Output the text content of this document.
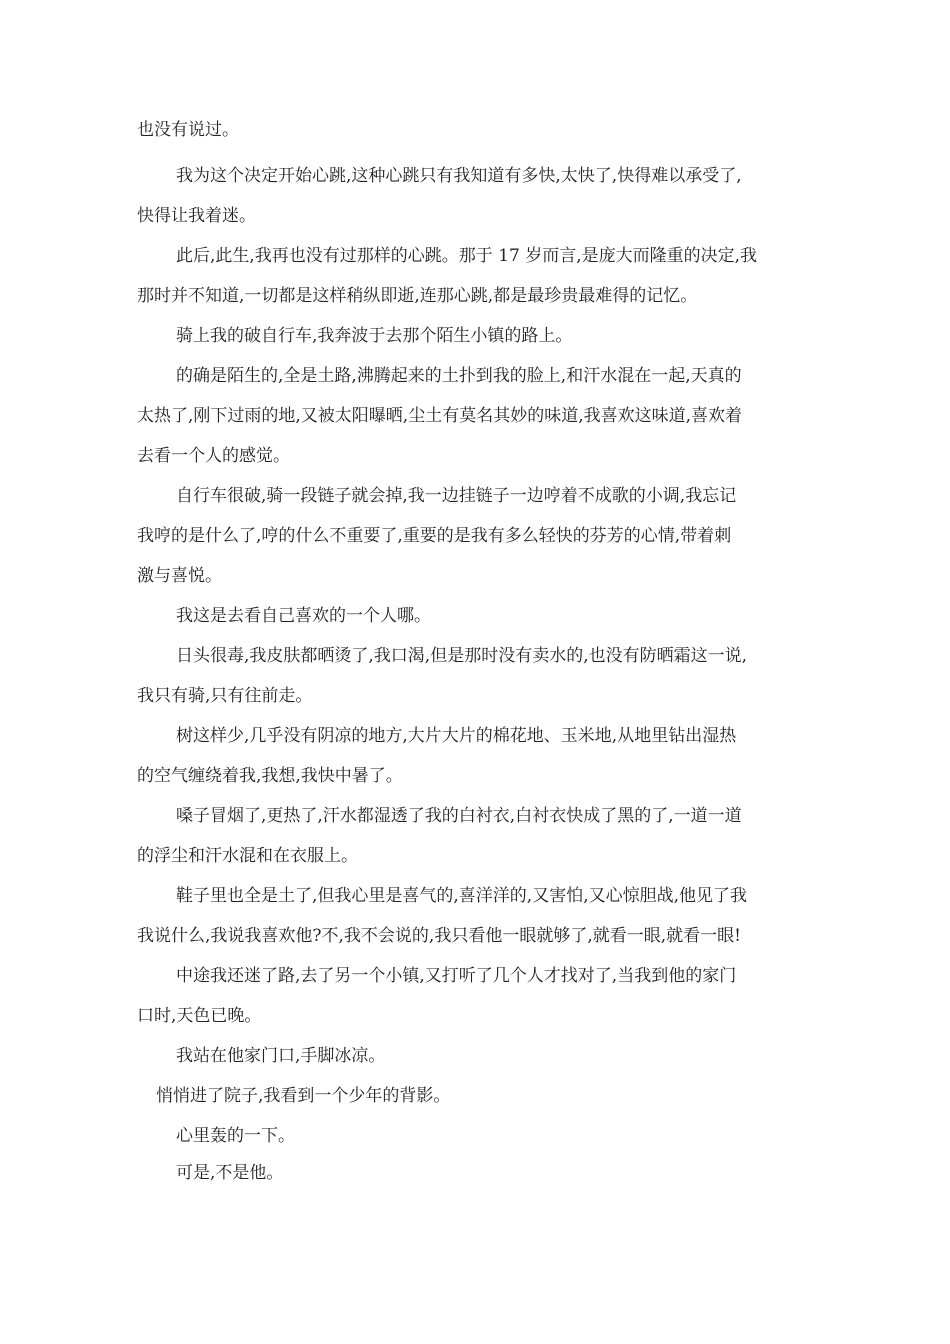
也没有说过。
我为这个决定开始心跳,这种心跳只有我知道有多快,太快了,快得难以承受了,
快得让我着迷。
此后,此生,我再也没有过那样的心跳。那于 17 岁而言,是庞大而隆重的决定,我
那时并不知道,一切都是这样稍纵即逝,连那心跳,都是最珍贵最难得的记忆。
骑上我的破自行车,我奔波于去那个陌生小镇的路上。
的确是陌生的,全是土路,沸腾起来的土扑到我的脸上,和汗水混在一起,天真的
太热了,刚下过雨的地,又被太阳曝晒,尘土有莫名其妙的味道,我喜欢这味道,喜欢着
去看一个人的感觉。
自行车很破,骑一段链子就会掉,我一边挂链子一边哼着不成歌的小调,我忘记
我哼的是什么了,哼的什么不重要了,重要的是我有多么轻快的芬芳的心情,带着刺
激与喜悦。
我这是去看自己喜欢的一个人哪。
日头很毒,我皮肤都晒烫了,我口渴,但是那时没有卖水的,也没有防晒霜这一说,
我只有骑,只有往前走。
树这样少,几乎没有阴凉的地方,大片大片的棉花地、玉米地,从地里钻出湿热
的空气缠绕着我,我想,我快中暑了。
嗓子冒烟了,更热了,汗水都湿透了我的白衬衣,白衬衣快成了黑的了,一道一道
的浮尘和汗水混和在衣服上。
鞋子里也全是土了,但我心里是喜气的,喜洋洋的,又害怕,又心惊胆战,他见了我
我说什么,我说我喜欢他?不,我不会说的,我只看他一眼就够了,就看一眼,就看一眼!
中途我还迷了路,去了另一个小镇,又打听了几个人才找对了,当我到他的家门
口时,天色已晚。
我站在他家门口,手脚冰凉。
悄悄进了院子,我看到一个少年的背影。
心里轰的一下。
可是,不是他。
